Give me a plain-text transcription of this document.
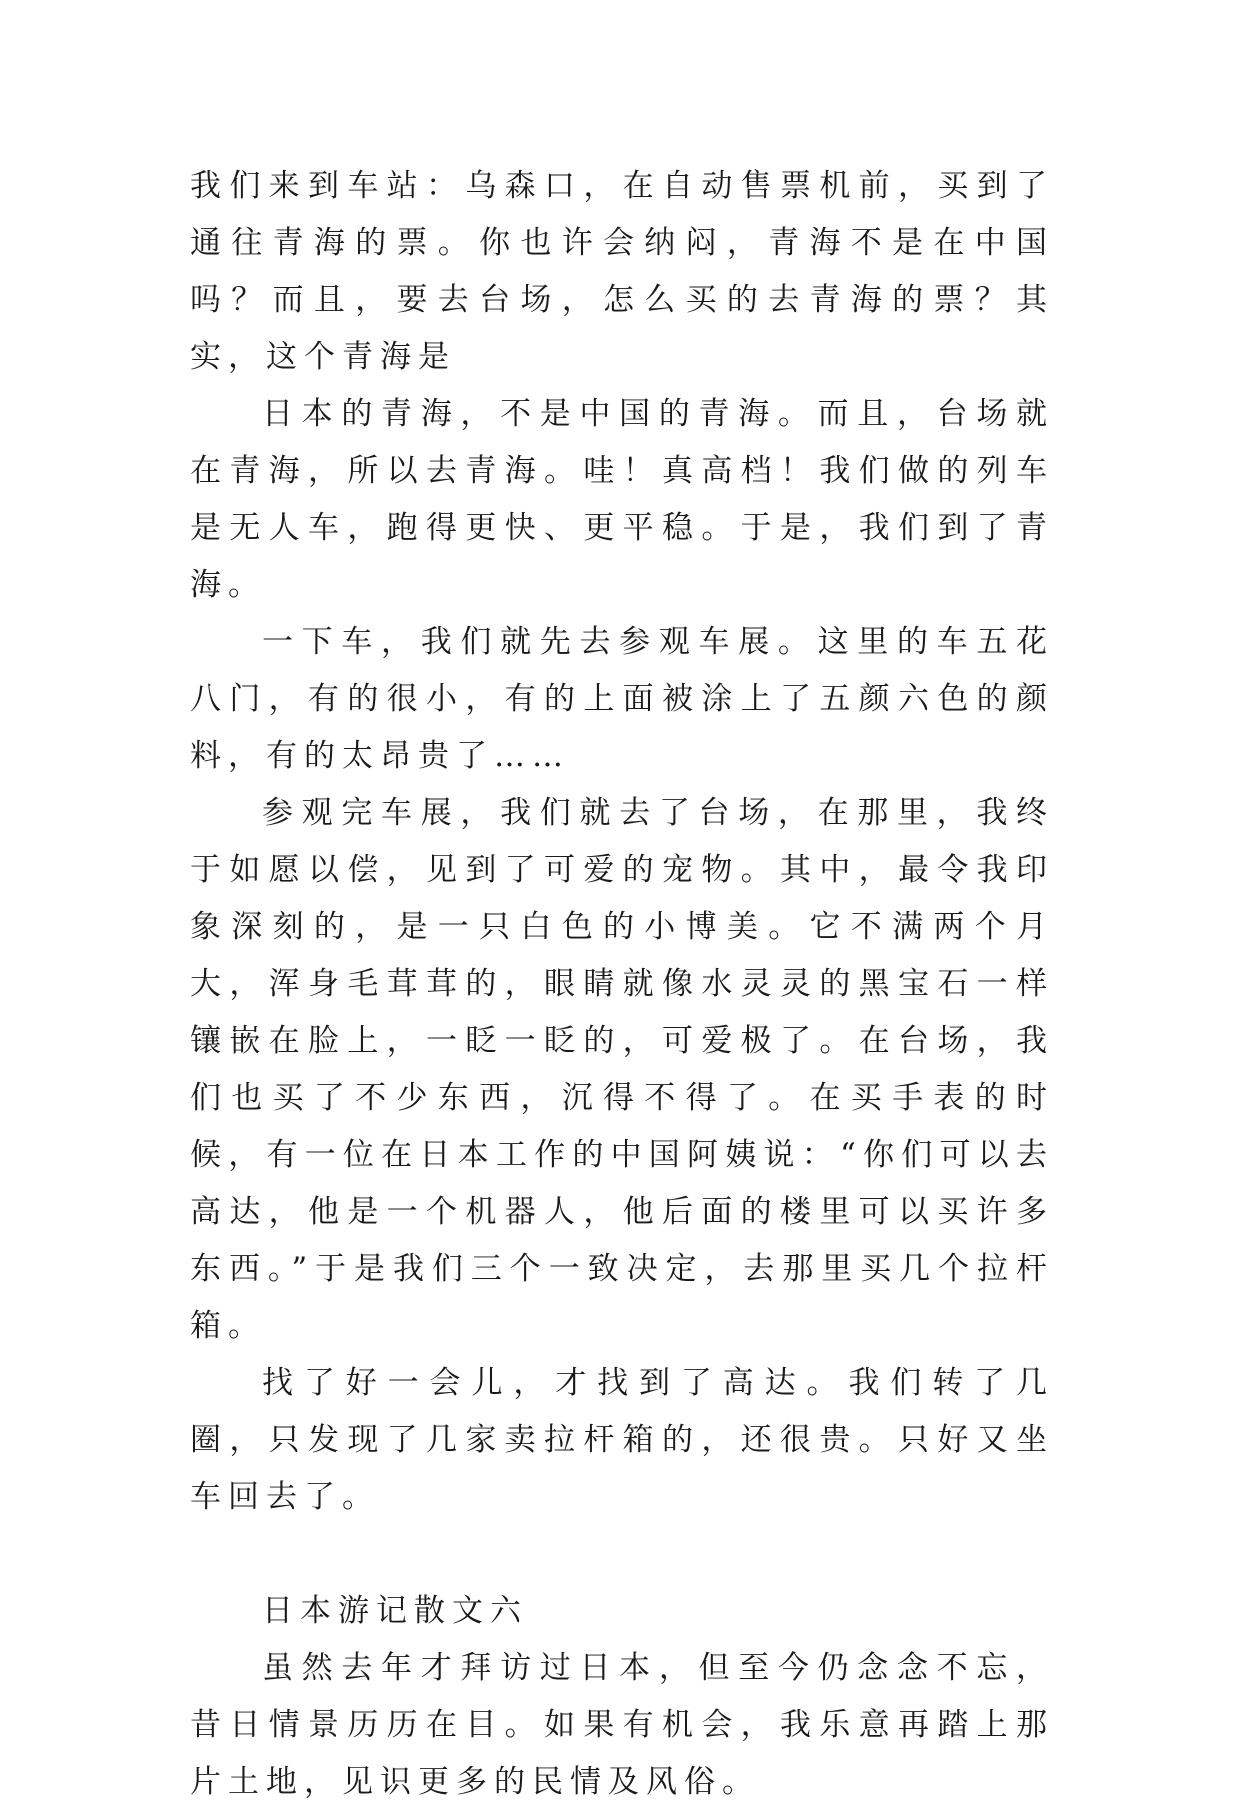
我们来到车站：乌森口，在自动售票机前，买到了通往青海的票。你也许会纳闷，青海不是在中国吗？而且，要去台场，怎么买的去青海的票？其实，这个青海是

日本的青海，不是中国的青海。而且，台场就在青海，所以去青海。哇！真高档！我们做的列车是无人车，跑得更快、更平稳。于是，我们到了青海。

一下车，我们就先去参观车展。这里的车五花八门，有的很小，有的上面被涂上了五颜六色的颜料，有的太昂贵了……

参观完车展，我们就去了台场，在那里，我终于如愿以偿，见到了可爱的宠物。其中，最令我印象深刻的，是一只白色的小博美。它不满两个月大，浑身毛茸茸的，眼睛就像水灵灵的黑宝石一样镶嵌在脸上，一眨一眨的，可爱极了。在台场，我们也买了不少东西，沉得不得了。在买手表的时候，有一位在日本工作的中国阿姨说：“你们可以去高达，他是一个机器人，他后面的楼里可以买许多东西。”于是我们三个一致决定，去那里买几个拉杆箱。

找了好一会儿，才找到了高达。我们转了几圈，只发现了几家卖拉杆箱的，还很贵。只好又坐车回去了。

日本游记散文六

虽然去年才拜访过日本，但至今仍念念不忘，昔日情景历历在目。如果有机会，我乐意再踏上那片土地，见识更多的民情及风俗。
